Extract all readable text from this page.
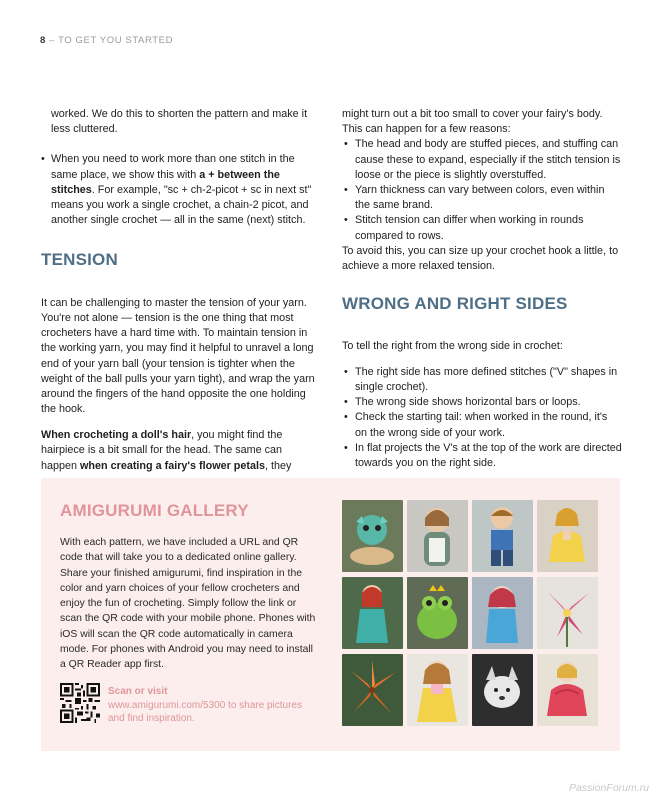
8 – TO GET YOU STARTED

worked. We do this to shorten the pattern and make it less cluttered.

• When you need to work more than one stitch in the same place, we show this with a + between the stitches. For example, "sc + ch-2-picot + sc in next st" means you work a single crochet, a chain-2 picot, and another single crochet — all in the same (next) stitch.

TENSION

It can be challenging to master the tension of your yarn. You're not alone — tension is the one thing that most crocheters have a hard time with. To maintain tension in the working yarn, you may find it helpful to unravel a long end of your yarn ball (your tension is tighter when the weight of the ball pulls your yarn tight), and wrap the yarn around the fingers of the hand opposite the one holding the hook.

When crocheting a doll's hair, you might find the hairpiece is a bit small for the head. The same can happen when creating a fairy's flower petals, they

might turn out a bit too small to cover your fairy's body. This can happen for a few reasons:

• The head and body are stuffed pieces, and stuffing can cause these to expand, especially if the stitch tension is loose or the piece is slightly overstuffed.
• Yarn thickness can vary between colors, even within the same brand.
• Stitch tension can differ when working in rounds compared to rows.

To avoid this, you can size up your crochet hook a little, to achieve a more relaxed tension.

WRONG AND RIGHT SIDES

To tell the right from the wrong side in crochet:

• The right side has more defined stitches ("V" shapes in single crochet).
• The wrong side shows horizontal bars or loops.
• Check the starting tail: when worked in the round, it's on the wrong side of your work.
• In flat projects the V's at the top of the work are directed towards you on the right side.
AMIGURUMI GALLERY

With each pattern, we have included a URL and QR code that will take you to a dedicated online gallery. Share your finished amigurumi, find inspiration in the color and yarn choices of your fellow crocheters and enjoy the fun of crocheting. Simply follow the link or scan the QR code with your mobile phone. Phones with iOS will scan the QR code automatically in camera mode. For phones with Android you may need to install a QR Reader app first.

Scan or visit
www.amigurumi.com/5300 to share pictures and find inspiration.
PassionForum.ru
